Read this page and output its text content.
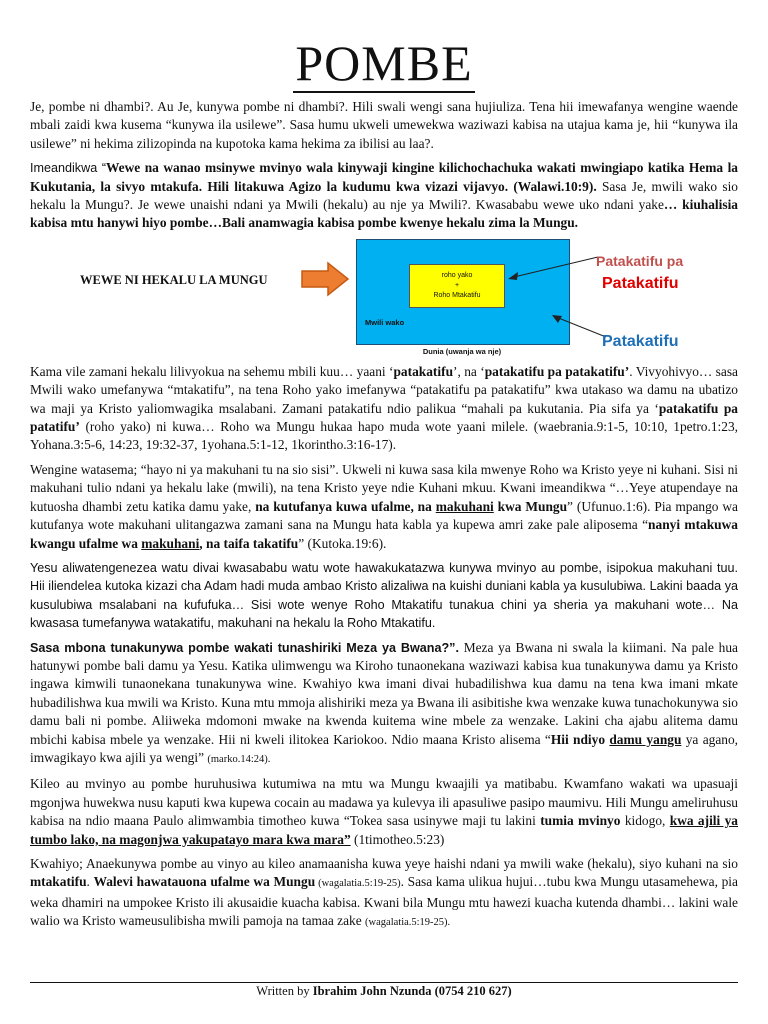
POMBE

Je, pombe ni dhambi?. Au Je, kunywa pombe ni dhambi?. Hili swali wengi sana hujiuliza. Tena hii imewafanya wengine waende mbali zaidi kwa kusema “kunywa ila usilewe”. Sasa humu ukweli umewekwa waziwazi kabisa na utajua kama je, hii “kunywa ila usilewe” ni hekima zilizopinda na kupotoka kama hekima za ibilisi au laa?.

Imeandikwa “Wewe na wanao msinywe mvinyo wala kinywaji kingine kilichochachuka wakati mwingiapo katika Hema la Kukutania, la sivyo mtakufa. Hili litakuwa Agizo la kudumu kwa vizazi vijavyo. (Walawi.10:9). Sasa Je, mwili wako sio hekalu la Mungu?. Je wewe unaishi ndani ya Mwili (hekalu) au nje ya Mwili?. Kwasababu wewe uko ndani yake… kiuhalisia kabisa mtu hanywi hiyo pombe…Bali anamwagia kabisa pombe kwenye hekalu zima la Mungu.

WEWE NI HEKALU LA MUNGU	roho yako
+
Roho Mtakatifu
Mwili wako
Dunia (uwanja wa nje)
Patakatifu pa
Patakatifu
Patakatifu

Kama vile zamani hekalu lilivyokua na sehemu mbili kuu… yaani ‘patakatifu’, na ‘patakatifu pa patakatifu’. Vivyohivyo… sasa Mwili wako umefanywa “mtakatifu”, na tena Roho yako imefanywa “patakatifu pa patakatifu” kwa utakaso wa damu na ubatizo wa maji ya Kristo yaliomwagika msalabani. Zamani patakatifu ndio palikua “mahali pa kukutania. Pia sifa ya ‘patakatifu pa patatifu’ (roho yako) ni kuwa… Roho wa Mungu hukaa hapo muda wote yaani milele. (waebrania.9:1-5, 10:10, 1petro.1:23, Yohana.3:5-6, 14:23, 19:32-37, 1yohana.5:1-12, 1korintho.3:16-17).

Wengine watasema; “hayo ni ya makuhani tu na sio sisi”. Ukweli ni kuwa sasa kila mwenye Roho wa Kristo yeye ni kuhani. Sisi ni makuhani tulio ndani ya hekalu lake (mwili), na tena Kristo yeye ndie Kuhani mkuu. Kwani imeandikwa “…Yeye atupendaye na kutuosha dhambi zetu katika damu yake, na kutufanya kuwa ufalme, na makuhani kwa Mungu” (Ufunuo.1:6). Pia mpango wa kutufanya wote makuhani ulitangazwa zamani sana na Mungu hata kabla ya kupewa amri zake pale aliposema “nanyi mtakuwa kwangu ufalme wa makuhani, na taifa takatifu” (Kutoka.19:6).

Yesu aliwatengenezea watu divai kwasababu watu wote hawakukatazwa kunywa mvinyo au pombe, isipokua makuhani tuu. Hii iliendelea kutoka kizazi cha Adam hadi muda ambao Kristo alizaliwa na kuishi duniani kabla ya kusulubiwa. Lakini baada ya kusulubiwa msalabani na kufufuka… Sisi wote wenye Roho Mtakatifu tunakua chini ya sheria ya makuhani wote… Na kwasasa tumefanywa watakatifu, makuhani na hekalu la Roho Mtakatifu.

Sasa mbona tunakunywa pombe wakati tunashiriki Meza ya Bwana?”. Meza ya Bwana ni swala la kiimani. Na pale hua hatunywi pombe bali damu ya Yesu. Katika ulimwengu wa Kiroho tunaonekana waziwazi kabisa kua tunakunywa damu ya Kristo ingawa kimwili tunaonekana tunakunywa wine. Kwahiyo kwa imani divai hubadilishwa kua damu na tena kwa imani mkate hubadilishwa kua mwili wa Kristo. Kuna mtu mmoja alishiriki meza ya Bwana ili asibitishe kwa wenzake kuwa tunachokunywa sio damu bali ni pombe. Aliiweka mdomoni mwake na kwenda kuitema wine mbele za wenzake. Lakini cha ajabu alitema damu mbichi kabisa mbele ya wenzake. Hii ni kweli ilitokea Kariokoo. Ndio maana Kristo alisema “Hii ndiyo damu yangu ya agano, imwagikayo kwa ajili ya wengi” (marko.14:24).

Kileo au mvinyo au pombe huruhusiwa kutumiwa na mtu wa Mungu kwaajili ya matibabu. Kwamfano wakati wa upasuaji mgonjwa huwekwa nusu kaputi kwa kupewa cocain au madawa ya kulevya ili apasuliwe pasipo maumivu. Hili Mungu ameliruhusu kabisa na ndio maana Paulo alimwambia timotheo kuwa “Tokea sasa usinywe maji tu lakini tumia mvinyo kidogo, kwa ajili ya tumbo lako, na magonjwa yakupatayo mara kwa mara” (1timotheo.5:23)

Kwahiyo; Anaekunywa pombe au vinyo au kileo anamaanisha kuwa yeye haishi ndani ya mwili wake (hekalu), siyo kuhani na sio mtakatifu. Walevi hawatauona ufalme wa Mungu (wagalatia.5:19-25). Sasa kama ulikua hujui…tubu kwa Mungu utasamehewa, pia weka dhamiri na umpokee Kristo ili akusaidie kuacha kabisa. Kwani bila Mungu mtu hawezi kuacha kutenda dhambi… lakini wale walio wa Kristo wameusulibisha mwili pamoja na tamaa zake (wagalatia.5:19-25).

Written by Ibrahim John Nzunda (0754 210 627)
